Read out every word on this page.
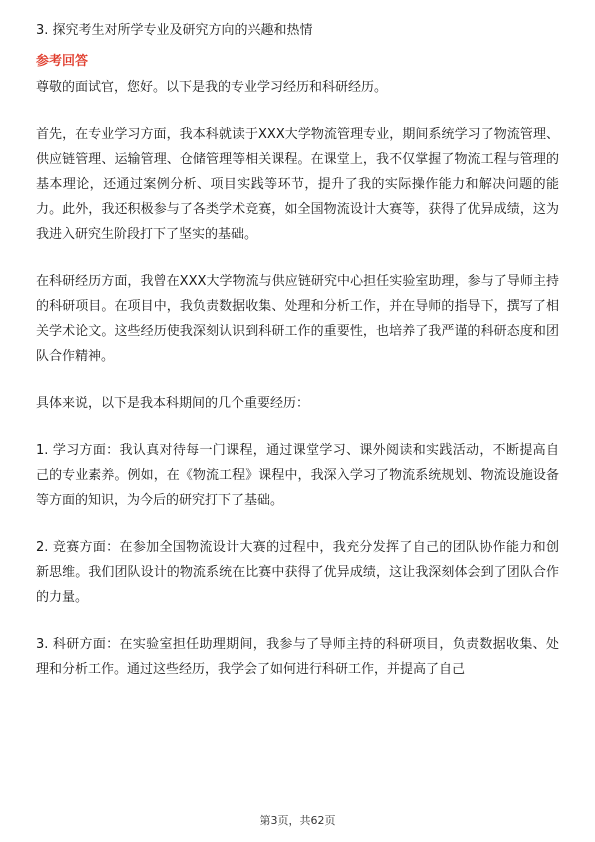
3. 探究考生对所学专业及研究方向的兴趣和热情
参考回答

尊敬的面试官，您好。以下是我的专业学习经历和科研经历。

首先，在专业学习方面，我本科就读于XXX大学物流管理专业，期间系统学习了物流管理、供应链管理、运输管理、仓储管理等相关课程。在课堂上，我不仅掌握了物流工程与管理的基本理论，还通过案例分析、项目实践等环节，提升了我的实际操作能力和解决问题的能力。此外，我还积极参与了各类学术竞赛，如全国物流设计大赛等，获得了优异成绩，这为我进入研究生阶段打下了坚实的基础。

在科研经历方面，我曾在XXX大学物流与供应链研究中心担任实验室助理，参与了导师主持的科研项目。在项目中，我负责数据收集、处理和分析工作，并在导师的指导下，撰写了相关学术论文。这些经历使我深刻认识到科研工作的重要性，也培养了我严谨的科研态度和团队合作精神。

具体来说，以下是我本科期间的几个重要经历：

1. 学习方面：我认真对待每一门课程，通过课堂学习、课外阅读和实践活动，不断提高自己的专业素养。例如，在《物流工程》课程中，我深入学习了物流系统规划、物流设施设备等方面的知识，为今后的研究打下了基础。

2. 竞赛方面：在参加全国物流设计大赛的过程中，我充分发挥了自己的团队协作能力和创新思维。我们团队设计的物流系统在比赛中获得了优异成绩，这让我深刻体会到了团队合作的力量。

3. 科研方面：在实验室担任助理期间，我参与了导师主持的科研项目，负责数据收集、处理和分析工作。通过这些经历，我学会了如何进行科研工作，并提高了自己

第3页，共62页
